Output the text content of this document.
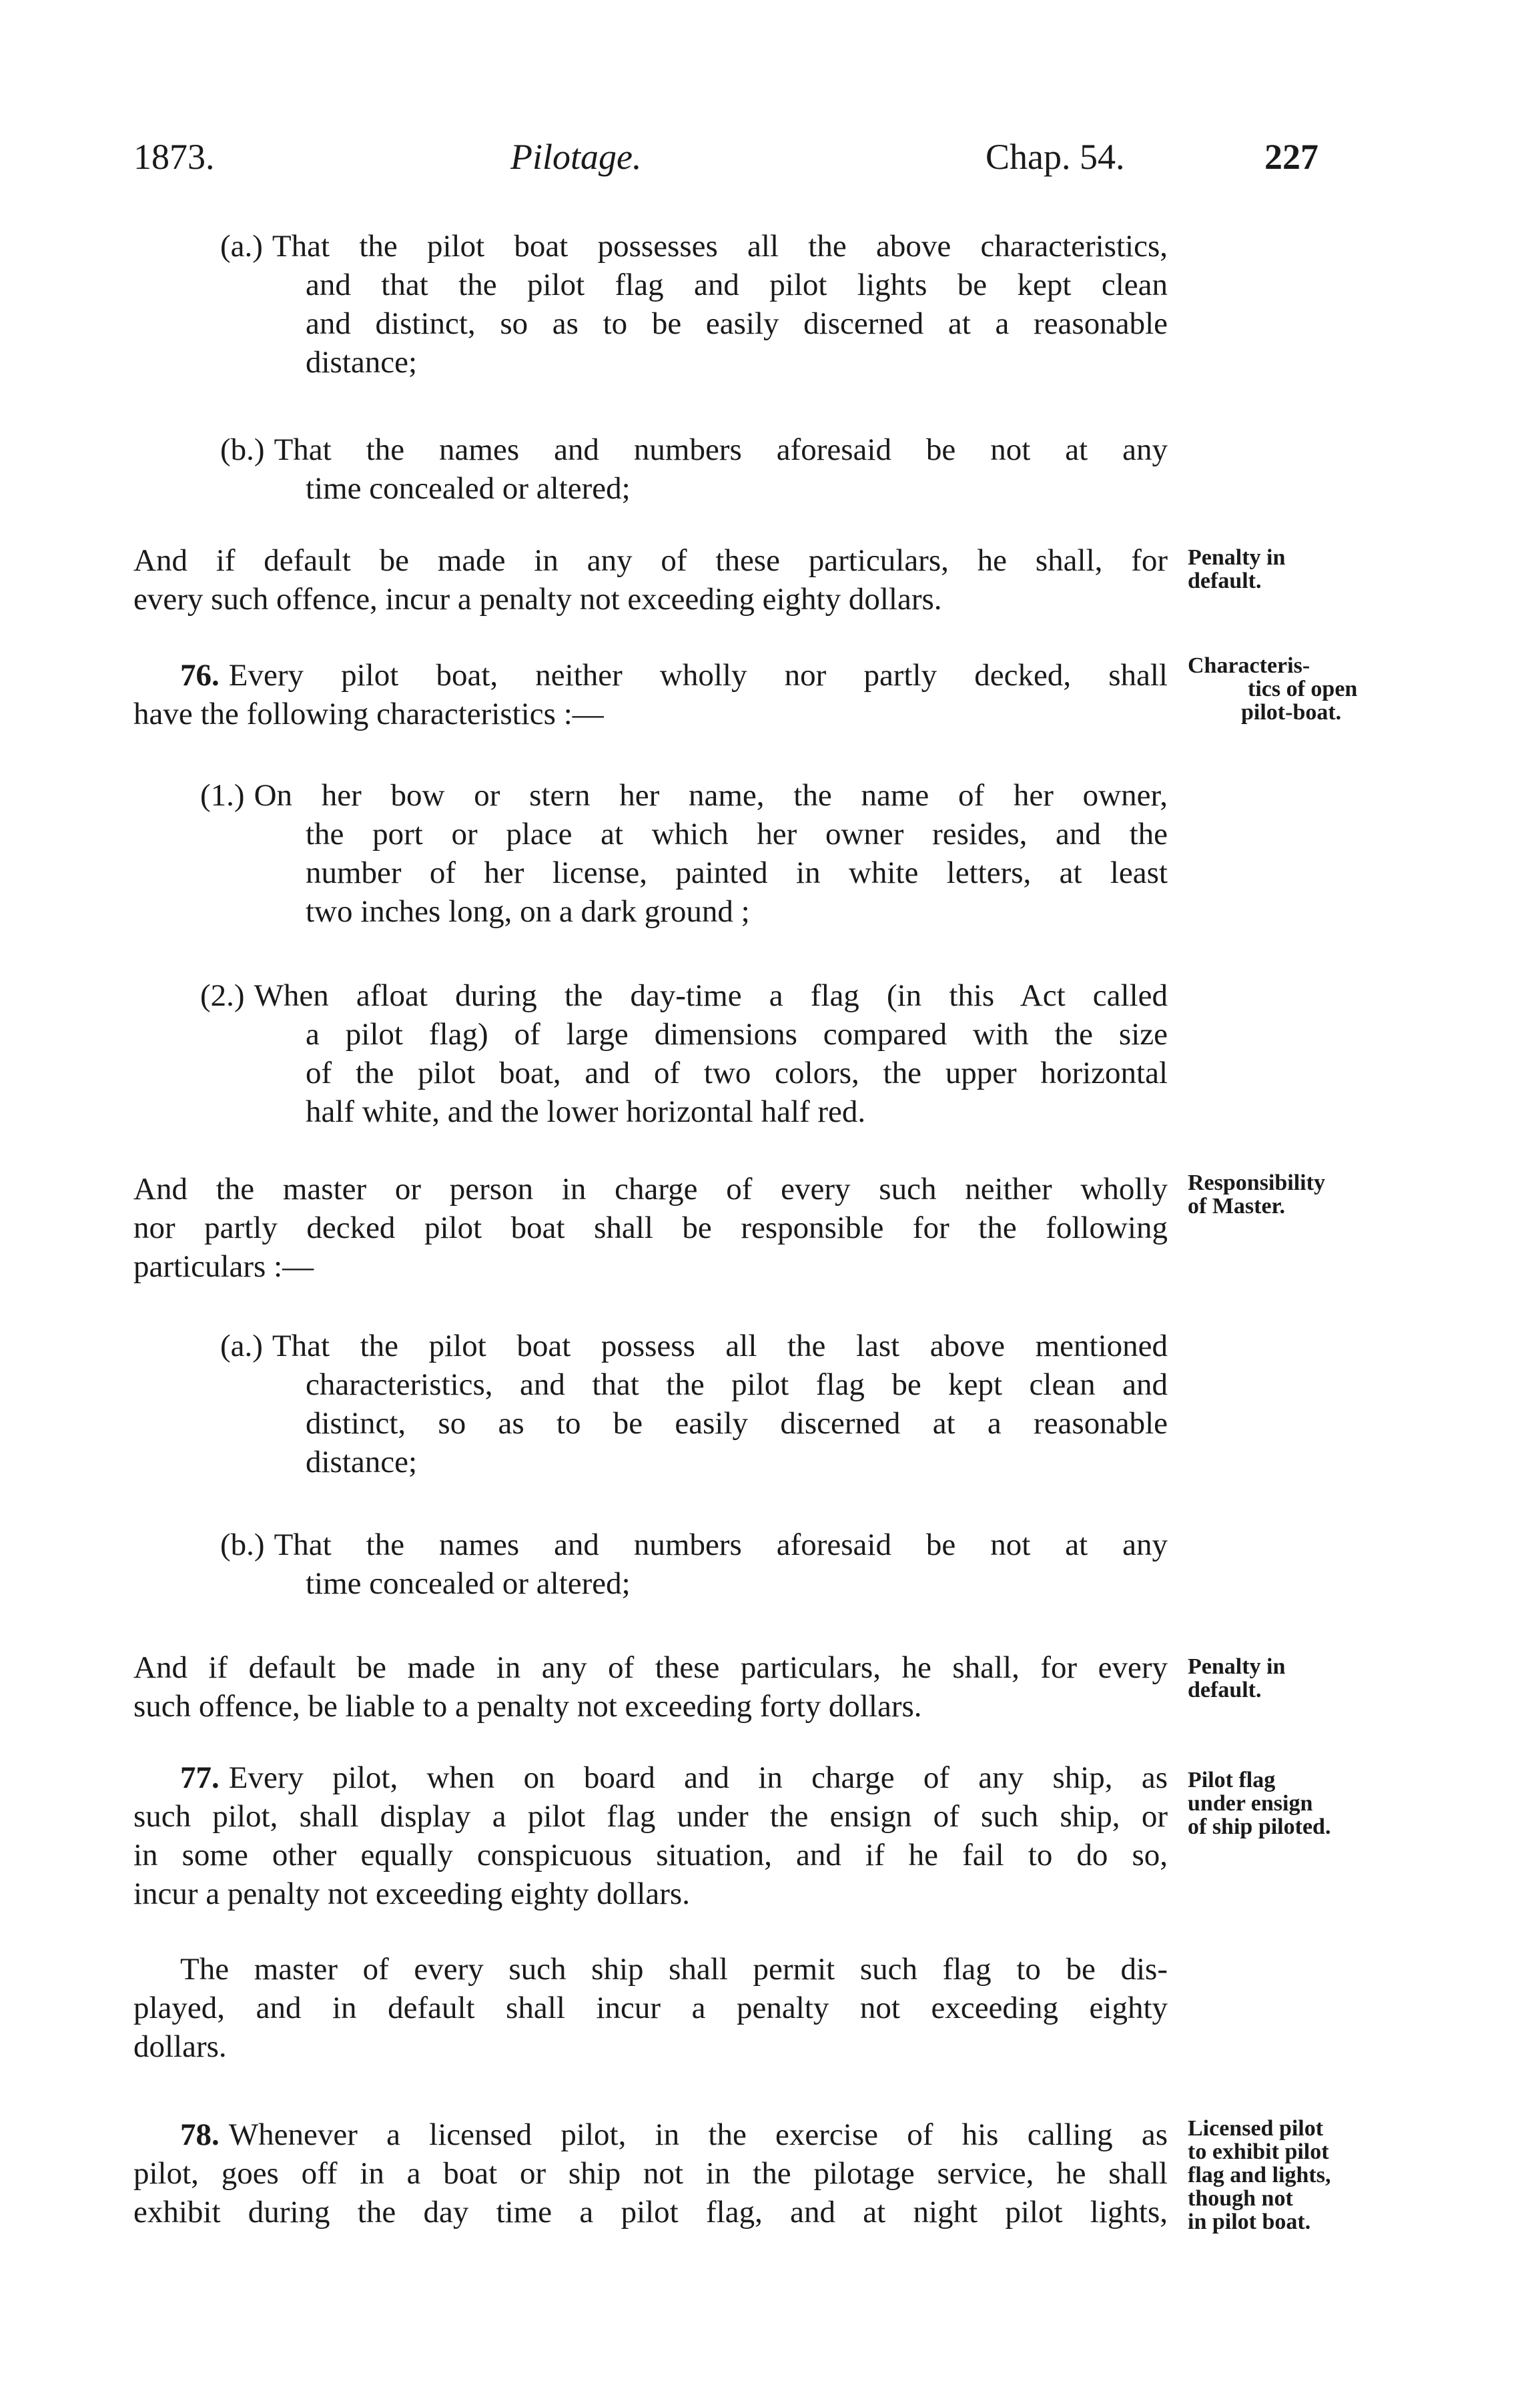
1873.	Pilotage.	Chap. 54.	227
(a.) That the pilot boat possesses all the above characteristics,
and that the pilot flag and pilot lights be kept clean
and distinct, so as to be easily discerned at a reasonable
distance;
(b.) That the names and numbers aforesaid be not at any
time concealed or altered;
And if default be made in any of these particulars, he shall, for
every such offence, incur a penalty not exceeding eighty dollars.
Penalty in
default.
76. Every pilot boat, neither wholly nor partly decked, shall
have the following characteristics :—
Characteris-
tics of open
pilot-boat.
(1.) On her bow or stern her name, the name of her owner,
the port or place at which her owner resides, and the
number of her license, painted in white letters, at least
two inches long, on a dark ground ;
(2.) When afloat during the day-time a flag (in this Act called
a pilot flag) of large dimensions compared with the size
of the pilot boat, and of two colors, the upper horizontal
half white, and the lower horizontal half red.
And the master or person in charge of every such neither wholly
nor partly decked pilot boat shall be responsible for the following
particulars :—
Responsibility
of Master.
(a.) That the pilot boat possess all the last above mentioned
characteristics, and that the pilot flag be kept clean and
distinct, so as to be easily discerned at a reasonable
distance;
(b.) That the names and numbers aforesaid be not at any
time concealed or altered;
And if default be made in any of these particulars, he shall, for every
such offence, be liable to a penalty not exceeding forty dollars.
Penalty in
default.
77. Every pilot, when on board and in charge of any ship, as
such pilot, shall display a pilot flag under the ensign of such ship, or
in some other equally conspicuous situation, and if he fail to do so,
incur a penalty not exceeding eighty dollars.
Pilot flag
under ensign
of ship piloted.
The master of every such ship shall permit such flag to be dis-
played, and in default shall incur a penalty not exceeding eighty
dollars.
78. Whenever a licensed pilot, in the exercise of his calling as
pilot, goes off in a boat or ship not in the pilotage service, he shall
exhibit during the day time a pilot flag, and at night pilot lights,
Licensed pilot
to exhibit pilot
flag and lights,
though not
in pilot boat.
